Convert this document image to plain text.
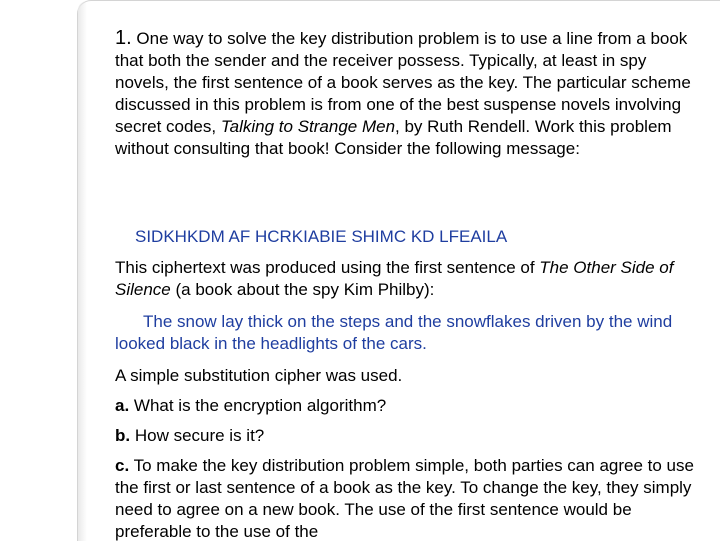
1. One way to solve the key distribution problem is to use a line from a book that both the sender and the receiver possess. Typically, at least in spy novels, the first sentence of a book serves as the key. The particular scheme discussed in this problem is from one of the best suspense novels involving secret codes, Talking to Strange Men, by Ruth Rendell. Work this problem without consulting that book! Consider the following message:
SIDKHKDM AF HCRKIABIE SHIMC KD LFEAILA
This ciphertext was produced using the first sentence of The Other Side of Silence (a book about the spy Kim Philby):
The snow lay thick on the steps and the snowflakes driven by the wind looked black in the headlights of the cars.
A simple substitution cipher was used.
a. What is the encryption algorithm?
b. How secure is it?
c. To make the key distribution problem simple, both parties can agree to use the first or last sentence of a book as the key. To change the key, they simply need to agree on a new book. The use of the first sentence would be preferable to the use of the
